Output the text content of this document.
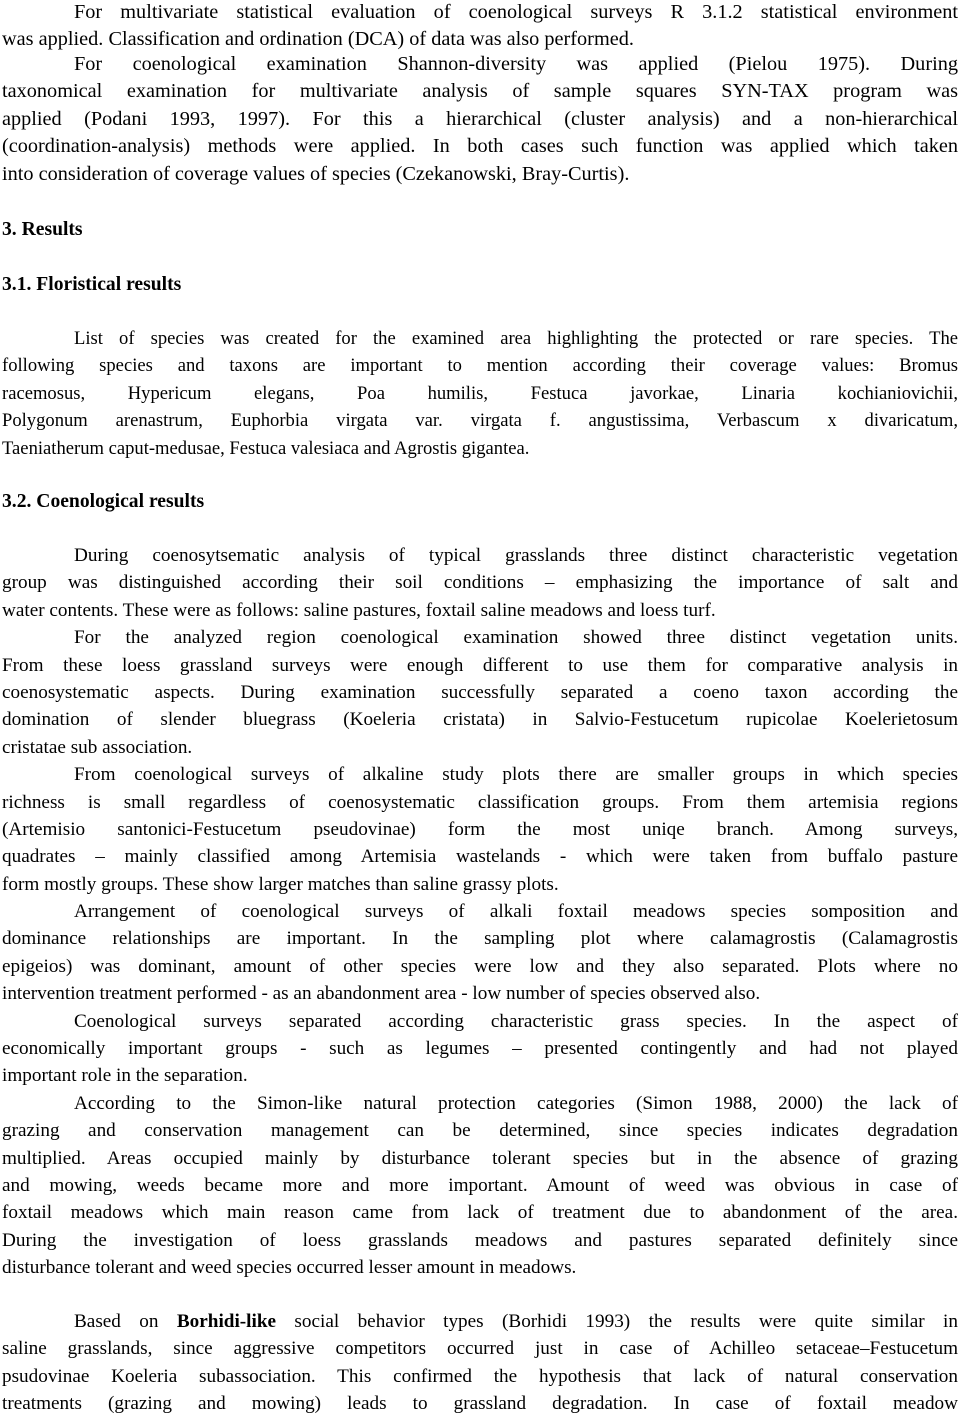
For multivariate statistical evaluation of coenological surveys R 3.1.2 statistical environment
was applied. Classification and ordination (DCA) of data was also performed.

For coenological examination Shannon-diversity was applied (Pielou 1975). During
taxonomical examination for multivariate analysis of sample squares SYN-TAX program was
applied (Podani 1993, 1997). For this a hierarchical (cluster analysis) and a non-hierarchical
(coordination-analysis) methods were applied. In both cases such function was applied which taken
into consideration of coverage values of species (Czekanowski, Bray-Curtis).

3. Results
3.1. Floristical results

List of species was created for the examined area highlighting the protected or rare species. The
following species and taxons are important to mention according their coverage values: Bromus
racemosus, Hypericum elegans, Poa humilis, Festuca javorkae, Linaria kochianiovichii,
Polygonum arenastrum, Euphorbia virgata var. virgata f. angustissima, Verbascum x divaricatum,
Taeniatherum caput-medusae, Festuca valesiaca and Agrostis gigantea.

3.2. Coenological results

During coenosytsematic analysis of typical grasslands three distinct characteristic vegetation
group was distinguished according their soil conditions – emphasizing the importance of salt and
water contents. These were as follows: saline pastures, foxtail saline meadows and loess turf.

For the analyzed region coenological examination showed three distinct vegetation units.
From these loess grassland surveys were enough different to use them for comparative analysis in
coenosystematic aspects. During examination successfully separated a coeno taxon according the
domination of slender bluegrass (Koeleria cristata) in Salvio-Festucetum rupicolae Koelerietosum
cristatae sub association.

From coenological surveys of alkaline study plots there are smaller groups in which species
richness is small regardless of coenosystematic classification groups. From them artemisia regions
(Artemisio santonici-Festucetum pseudovinae) form the most uniqe branch. Among surveys,
quadrates – mainly classified among Artemisia wastelands - which were taken from buffalo pasture
form mostly groups. These show larger matches than saline grassy plots.

Arrangement of coenological surveys of alkali foxtail meadows species somposition and
dominance relationships are important. In the sampling plot where calamagrostis (Calamagrostis
epigeios) was dominant, amount of other species were low and they also separated. Plots where no
intervention treatment performed - as an abandonment area - low number of species observed also.

Coenological surveys separated according characteristic grass species. In the aspect of
economically important groups - such as legumes – presented contingently and had not played
important role in the separation.

According to the Simon-like natural protection categories (Simon 1988, 2000) the lack of
grazing and conservation management can be determined, since species indicates degradation
multiplied. Areas occupied mainly by disturbance tolerant species but in the absence of grazing
and mowing, weeds became more and more important. Amount of weed was obvious in case of
foxtail meadows which main reason came from lack of treatment due to abandonment of the area.
During the investigation of loess grasslands meadows and pastures separated definitely since
disturbance tolerant and weed species occurred lesser amount in meadows.

Based on Borhidi-like social behavior types (Borhidi 1993) the results were quite similar in
saline grasslands, since aggressive competitors occurred just in case of Achilleo setaceae–Festucetum
psudovinae Koeleria subassociation. This confirmed the hypothesis that lack of natural conservation
treatments (grazing and mowing) leads to grassland degradation. In case of foxtail meadow
